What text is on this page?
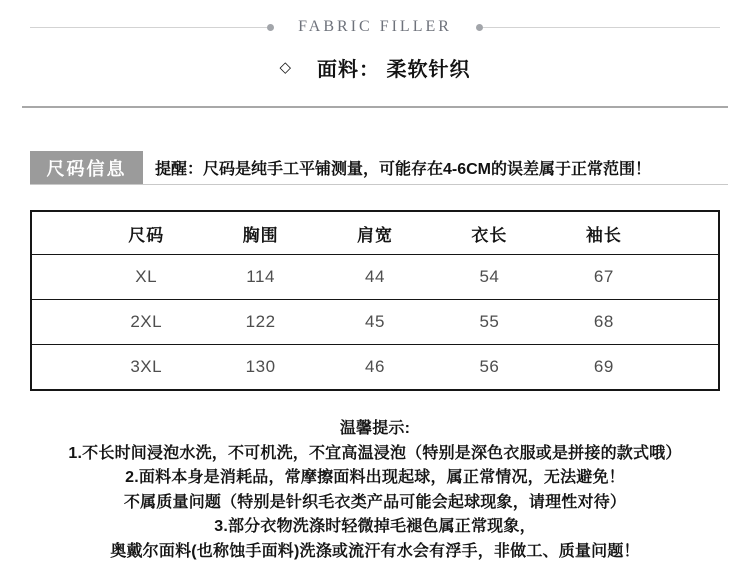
FABRIC FILLER
◇ 面料： 柔软针织
尺码信息	提醒：尺码是纯手工平铺测量，可能存在4-6CM的误差属于正常范围！
尺码	胸围	肩宽	衣长	袖长
XL	114	44	54	67
2XL	122	45	55	68
3XL	130	46	56	69
温馨提示:
1.不长时间浸泡水洗，不可机洗，不宜高温浸泡（特别是深色衣服或是拼接的款式哦）
2.面料本身是消耗品，常摩擦面料出现起球，属正常情况，无法避免！
不属质量问题（特别是针织毛衣类产品可能会起球现象，请理性对待）
3.部分衣物洗涤时轻微掉毛褪色属正常现象，
奥戴尔面料(也称蚀手面料)洗涤或流汗有水会有浮手，非做工、质量问题！
